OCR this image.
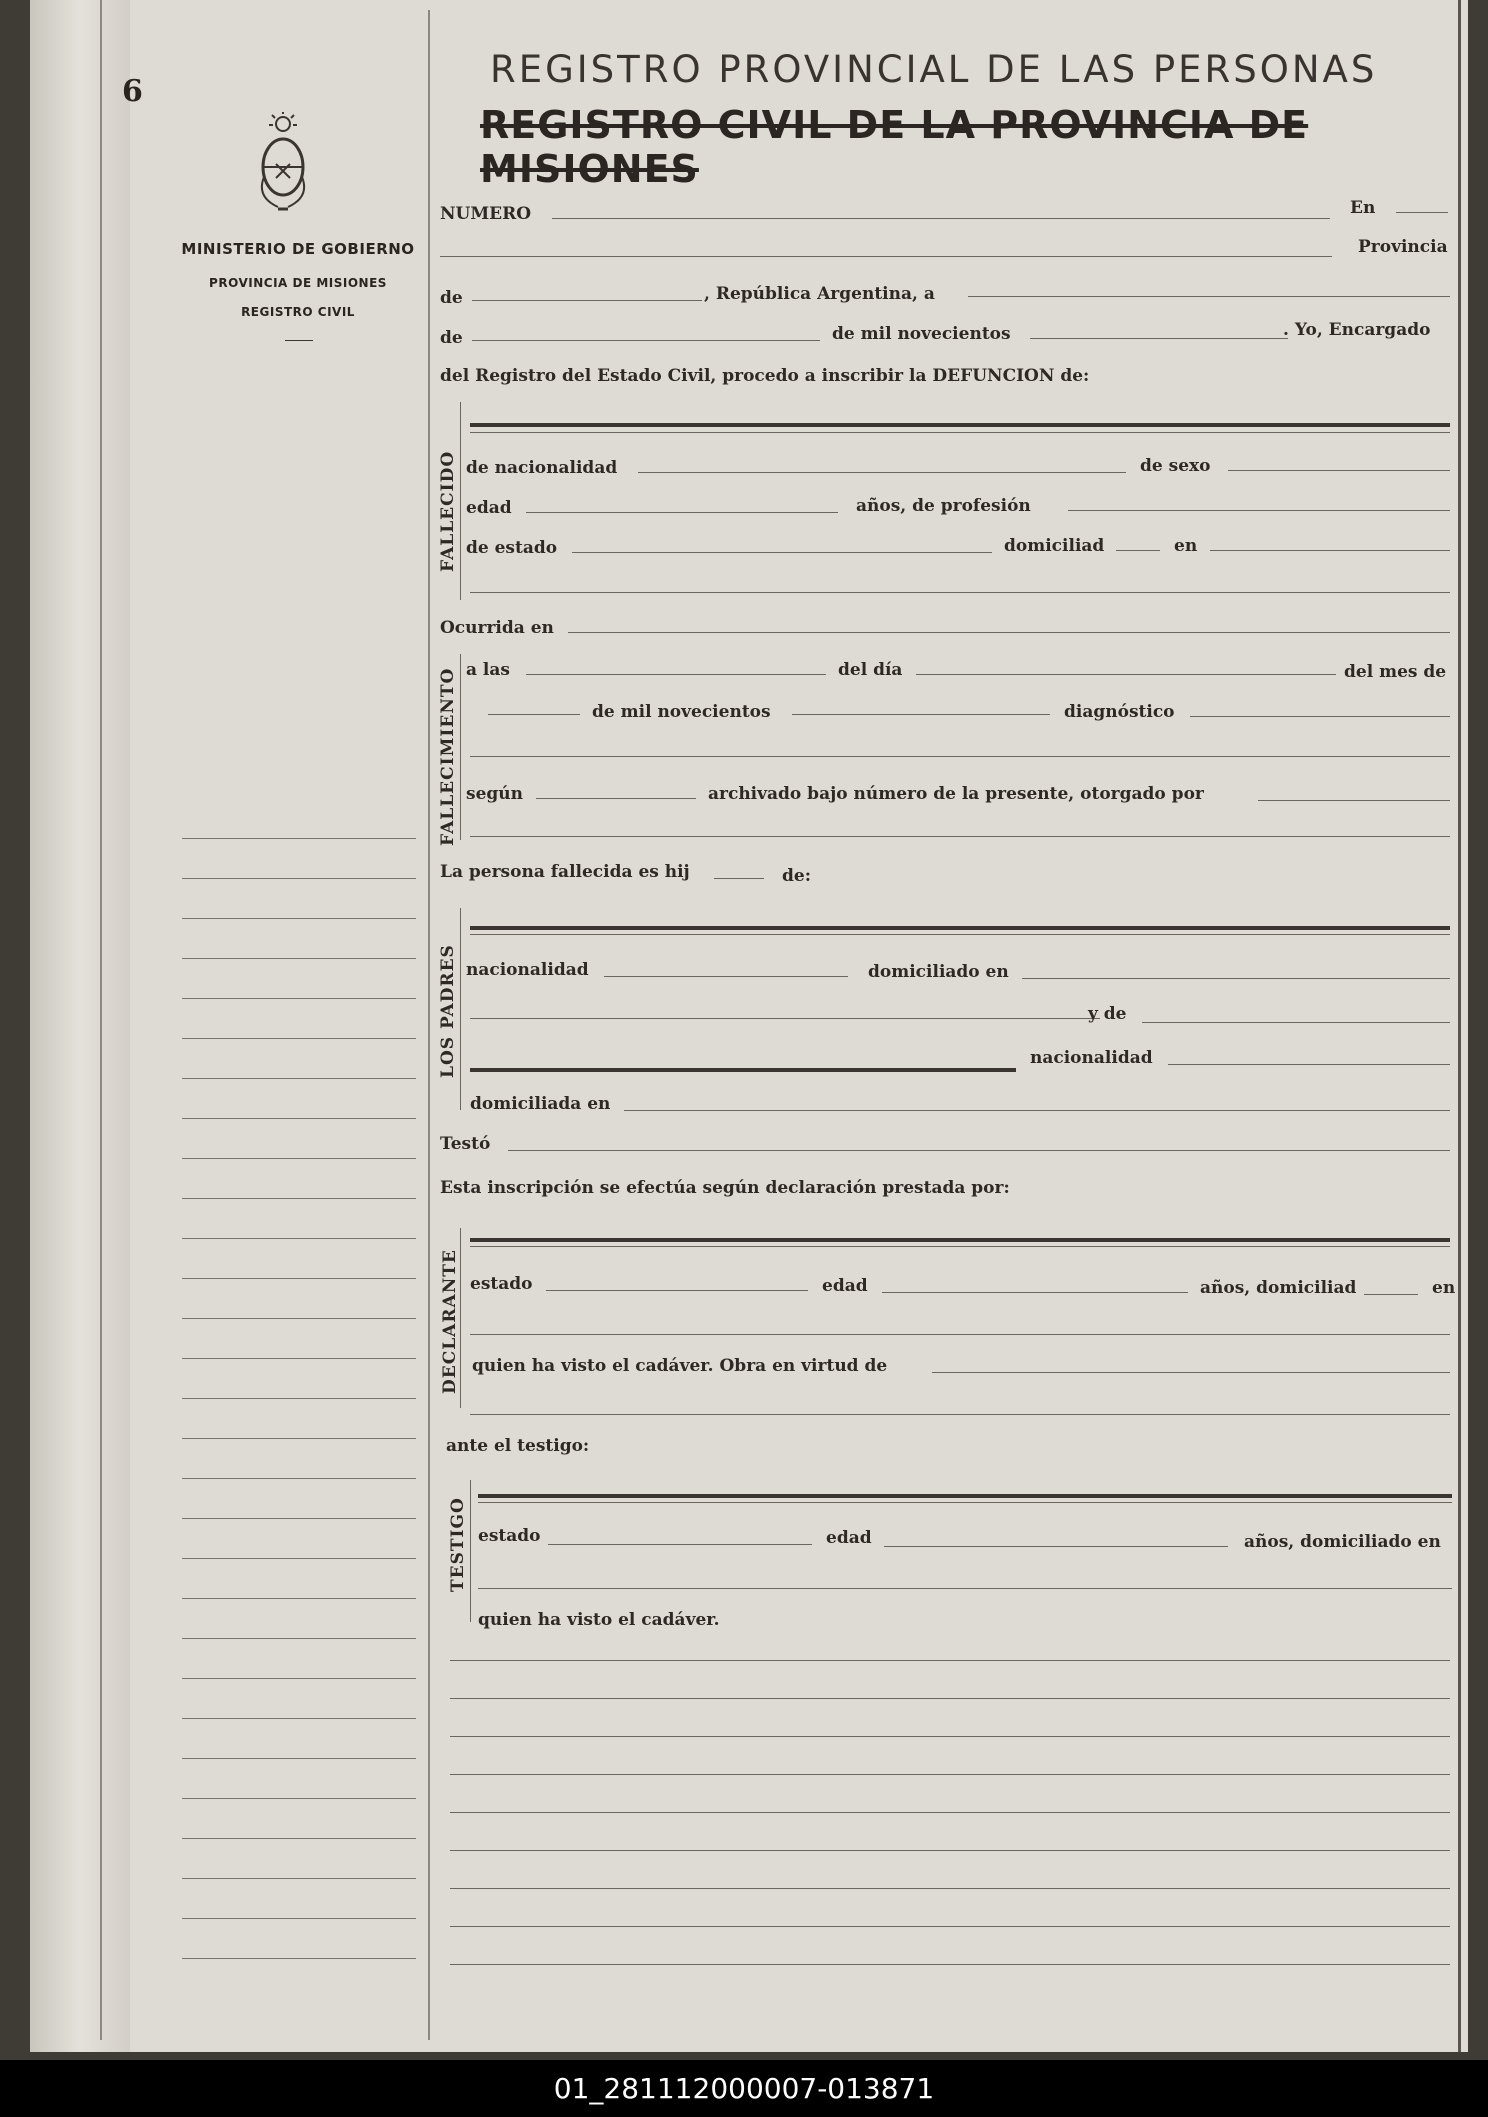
6
MINISTERIO DE GOBIERNO
PROVINCIA DE MISIONES
REGISTRO CIVIL
REGISTRO PROVINCIAL DE LAS PERSONAS
REGISTRO CIVIL DE LA PROVINCIA DE MISIONES
NUMERO	En
Provincia
de	, República Argentina, a
de	de mil novecientos	. Yo, Encargado
del Registro del Estado Civil, procedo a inscribir la DEFUNCION de:
FALLECIDO de nacionalidad	de sexo
edad	años, de profesión
de estado	domiciliad	en
Ocurrida en
FALLECIMIENTO a las	del día	del mes de
de mil novecientos	diagnóstico
según	archivado bajo número de la presente, otorgado por
La persona fallecida es hij	de:
LOS PADRES nacionalidad	domiciliado en
y de
nacionalidad
domiciliada en
Testó
Esta inscripción se efectúa según declaración prestada por:
DECLARANTE estado	edad	años, domiciliad	en
quien ha visto el cadáver. Obra en virtud de
ante el testigo:
TESTIGO estado	edad	años, domiciliado en
quien ha visto el cadáver.
01_281112000007-013871
